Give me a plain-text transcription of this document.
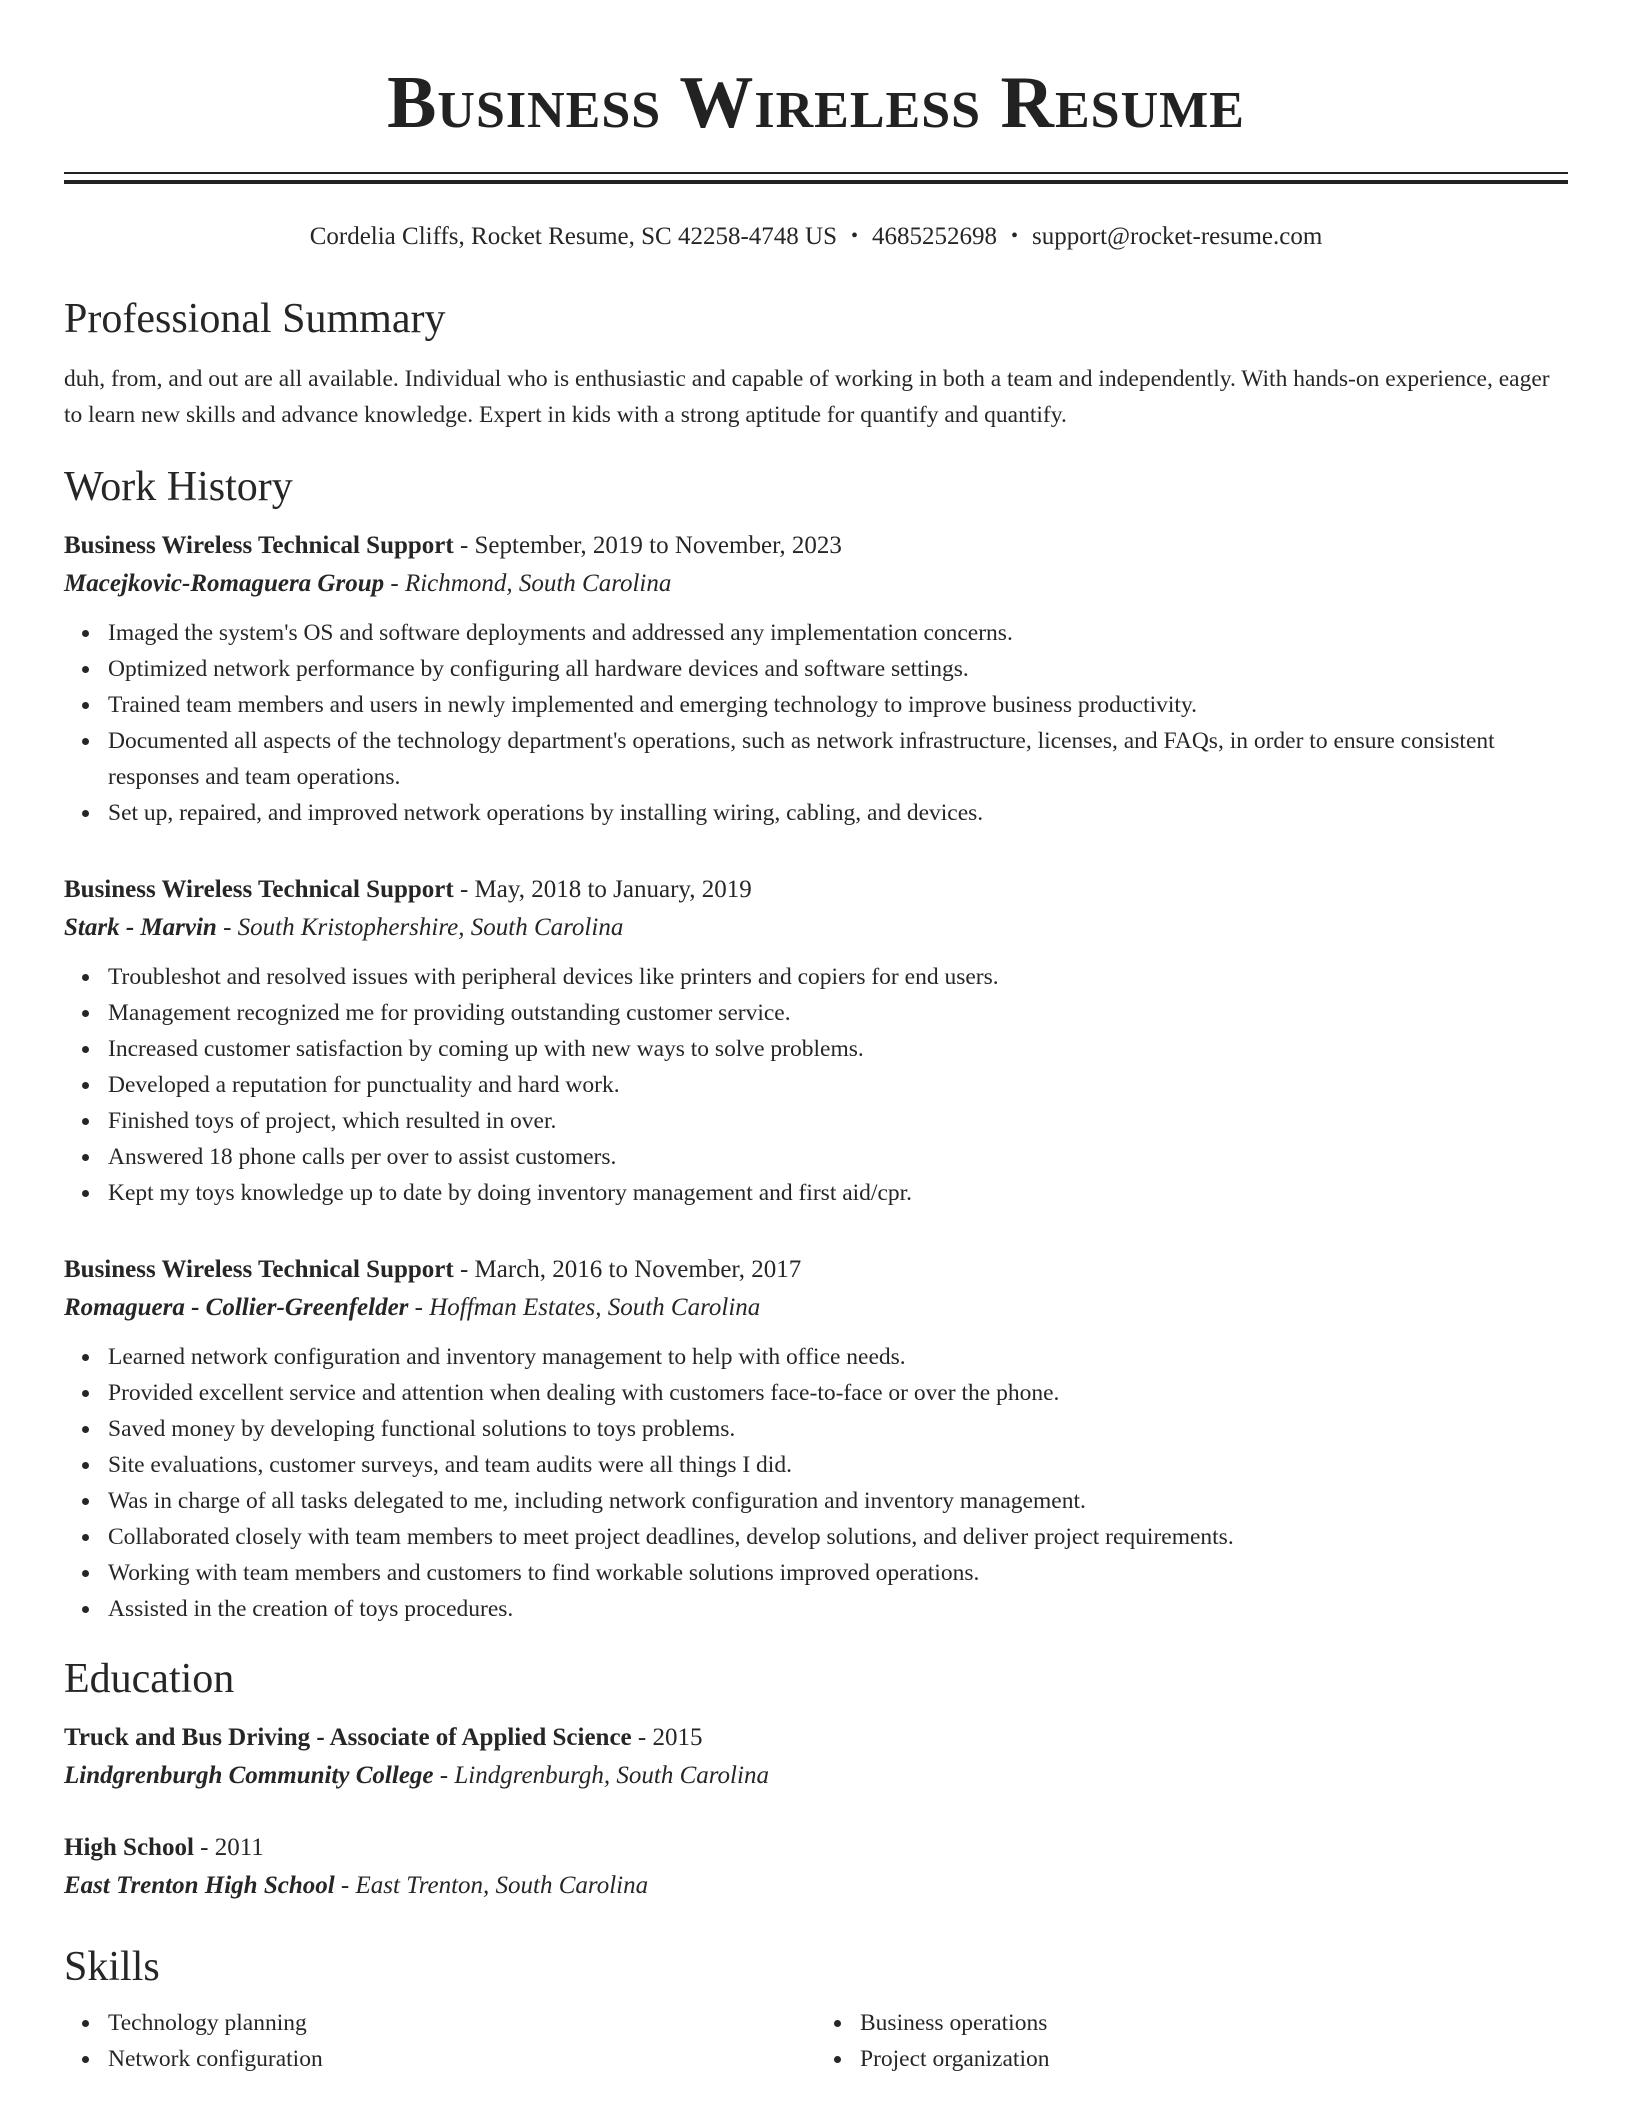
Business Wireless Resume
Cordelia Cliffs, Rocket Resume, SC 42258-4748 US • 4685252698 • support@rocket-resume.com
Professional Summary
duh, from, and out are all available. Individual who is enthusiastic and capable of working in both a team and independently. With hands-on experience, eager to learn new skills and advance knowledge. Expert in kids with a strong aptitude for quantify and quantify.
Work History
Business Wireless Technical Support - September, 2019 to November, 2023
Macejkovic-Romaguera Group - Richmond, South Carolina
Imaged the system's OS and software deployments and addressed any implementation concerns.
Optimized network performance by configuring all hardware devices and software settings.
Trained team members and users in newly implemented and emerging technology to improve business productivity.
Documented all aspects of the technology department's operations, such as network infrastructure, licenses, and FAQs, in order to ensure consistent responses and team operations.
Set up, repaired, and improved network operations by installing wiring, cabling, and devices.
Business Wireless Technical Support - May, 2018 to January, 2019
Stark - Marvin - South Kristophershire, South Carolina
Troubleshot and resolved issues with peripheral devices like printers and copiers for end users.
Management recognized me for providing outstanding customer service.
Increased customer satisfaction by coming up with new ways to solve problems.
Developed a reputation for punctuality and hard work.
Finished toys of project, which resulted in over.
Answered 18 phone calls per over to assist customers.
Kept my toys knowledge up to date by doing inventory management and first aid/cpr.
Business Wireless Technical Support - March, 2016 to November, 2017
Romaguera - Collier-Greenfelder - Hoffman Estates, South Carolina
Learned network configuration and inventory management to help with office needs.
Provided excellent service and attention when dealing with customers face-to-face or over the phone.
Saved money by developing functional solutions to toys problems.
Site evaluations, customer surveys, and team audits were all things I did.
Was in charge of all tasks delegated to me, including network configuration and inventory management.
Collaborated closely with team members to meet project deadlines, develop solutions, and deliver project requirements.
Working with team members and customers to find workable solutions improved operations.
Assisted in the creation of toys procedures.
Education
Truck and Bus Driving - Associate of Applied Science - 2015
Lindgrenburgh Community College - Lindgrenburgh, South Carolina
High School - 2011
East Trenton High School - East Trenton, South Carolina
Skills
Technology planning
Network configuration
Business operations
Project organization
